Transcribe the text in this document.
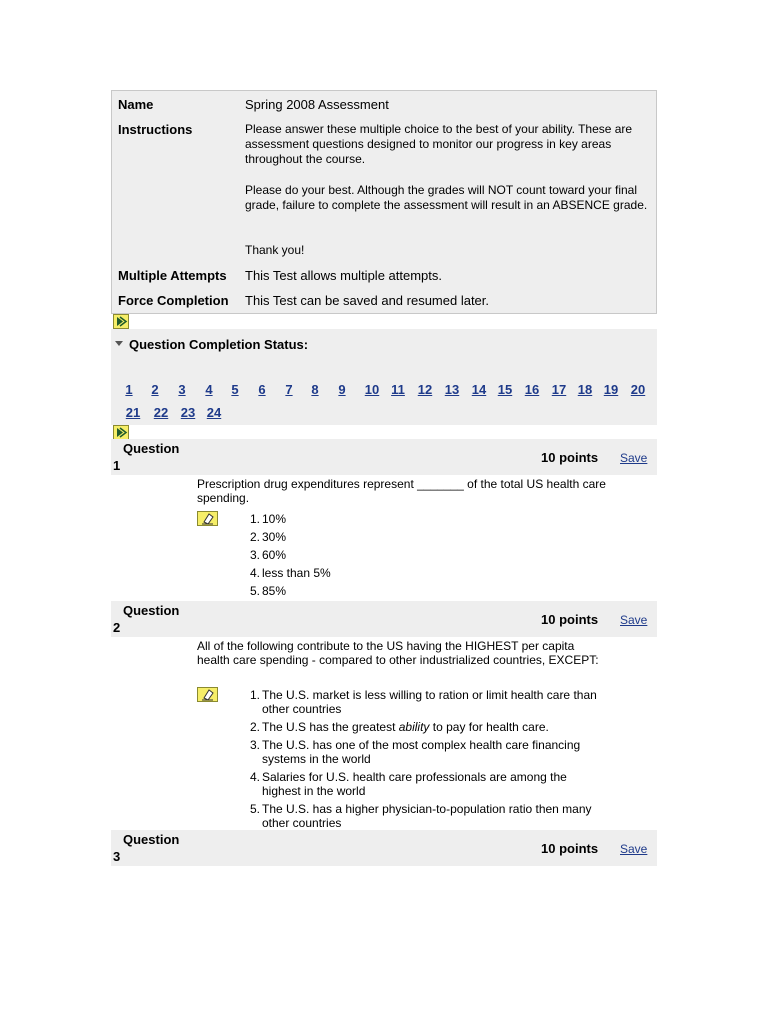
Name	Spring 2008 Assessment
Instructions	Please answer these multiple choice to the best of your ability. These are assessment questions designed to monitor our progress in key areas throughout the course.
Please do your best. Although the grades will NOT count toward your final grade, failure to complete the assessment will result in an ABSENCE grade.
Thank you!
Multiple Attempts This Test allows multiple attempts.
Force Completion This Test can be saved and resumed later.
Question Completion Status:
1	2	3	4	5	6	7	8	9	10 11 12 13 14 15 16 17 18 19 20
21	22 23 24
Question
1
10 points Save
Prescription drug expenditures represent _______ of the total US health care spending.
1. 10%
2. 30%
3. 60%
4. less than 5%
5. 85%
Question
2
10 points Save
All of the following contribute to the US having the HIGHEST per capita health care spending - compared to other industrialized countries, EXCEPT:
1. The U.S. market is less willing to ration or limit health care than other countries
2. The U.S has the greatest ability to pay for health care.
3. The U.S. has one of the most complex health care financing systems in the world
4. Salaries for U.S. health care professionals are among the highest in the world
5. The U.S. has a higher physician-to-population ratio then many other countries
Question
3
10 points Save
